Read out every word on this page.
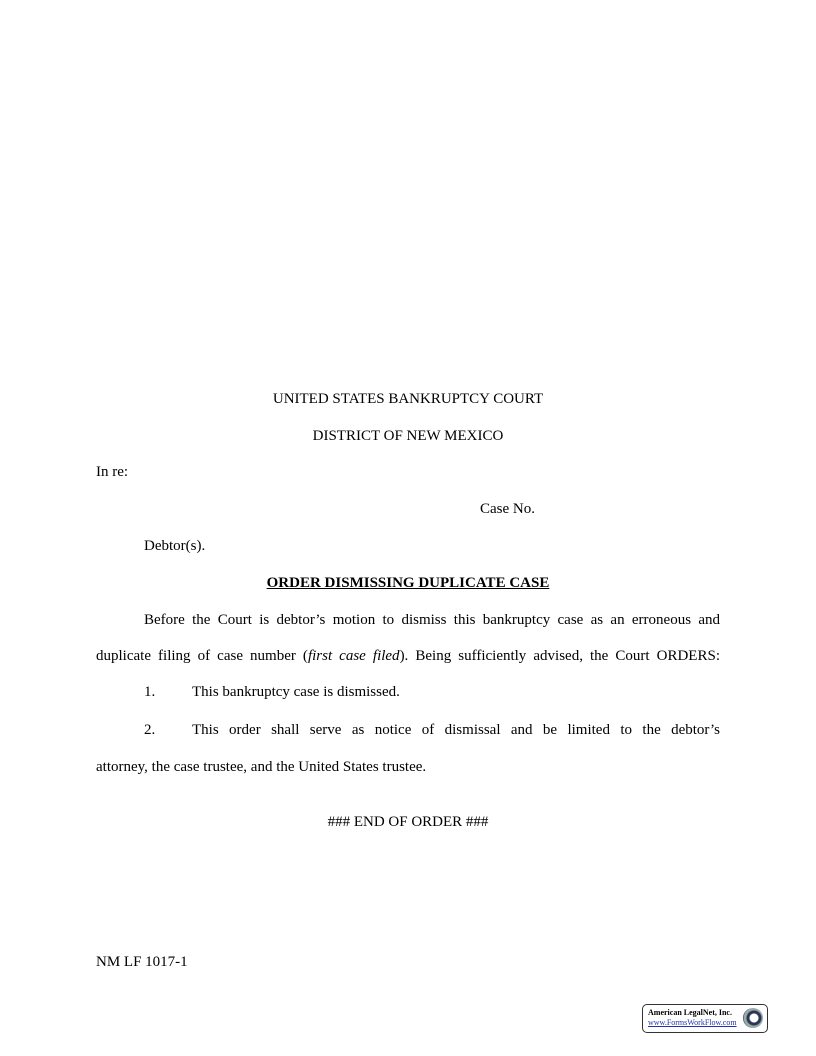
UNITED STATES BANKRUPTCY COURT
DISTRICT OF NEW MEXICO
In re:
Case No.
Debtor(s).
ORDER DISMISSING DUPLICATE CASE
Before the Court is debtor’s motion to dismiss this bankruptcy case as an erroneous and
duplicate filing of case number (first case filed). Being sufficiently advised, the Court ORDERS:
1. This bankruptcy case is dismissed.
2. This order shall serve as notice of dismissal and be limited to the debtor’s
attorney, the case trustee, and the United States trustee.
### END OF ORDER ###
NM LF 1017-1
American LegalNet, Inc.
www.FormsWorkFlow.com
